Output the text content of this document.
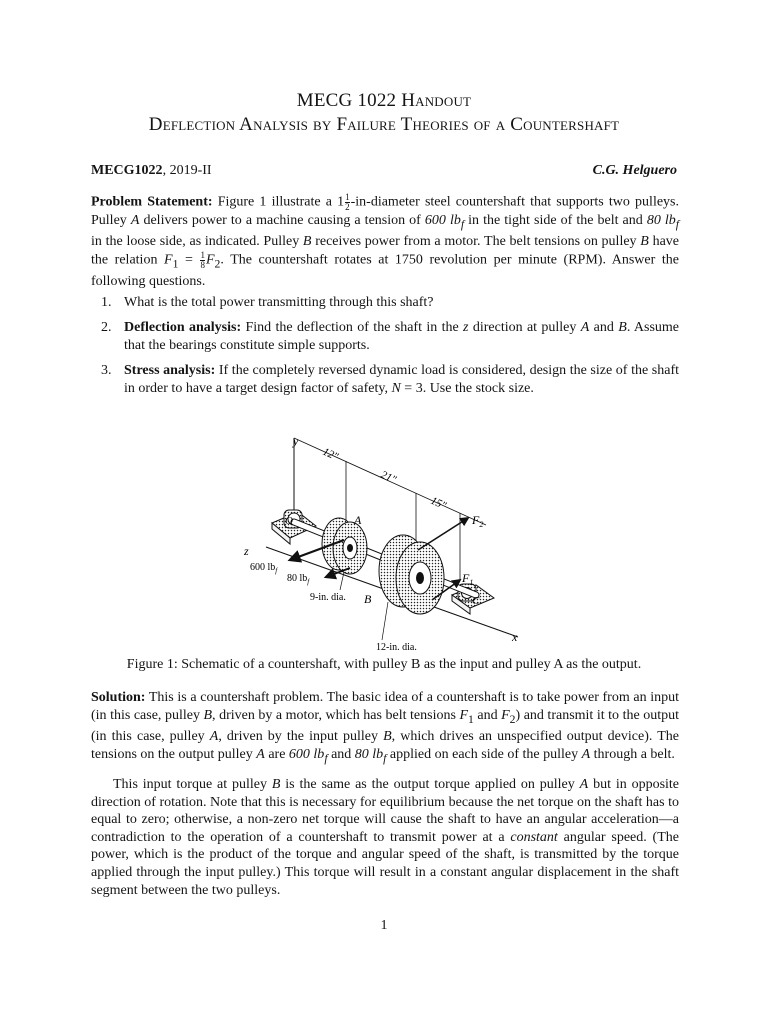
MECG 1022 Handout
Deflection Analysis by Failure Theories of a Countershaft
MECG1022, 2019-II	C.G. Helguero

Problem Statement: Figure 1 illustrate a $1 \frac{1}{2}$ -in-diameter steel countershaft that supports two pulleys. Pulley A delivers power to a machine causing a tension of 600 $lb_f$ in the tight side of the belt and 80 $lb_f$ in the loose side, as indicated. Pulley B receives power from a motor. The belt tensions on pulley B have the relation $F_1 = \frac{1}{8} F_2$. The countershaft rotates at 1750 revolution per minute (RPM). Answer the following questions.

1. What is the total power transmitting through this shaft?

2. Deflection analysis: Find the deflection of the shaft in the z direction at pulley A and B. Assume that the bearings constitute simple supports.

3. Stress analysis: If the completely reversed dynamic load is considered, design the size of the shaft in order to have a target design factor of safety, N = 3. Use the stock size.

y
12"
21"
15"
O	A
B	C
z
x
$F_2$
$F_1$
600 $lb_f$
80 $lb_f$
9-in. dia.
12-in. dia.
Figure 1: Schematic of a countershaft, with pulley B as the input and pulley A as the output.

Solution: This is a countershaft problem. The basic idea of a countershaft is to take power from an input (in this case, pulley B, driven by a motor, which has belt tensions $F_1$ and $F_2$) and transmit it to the output (in this case, pulley A, driven by the input pulley B, which drives an unspecified output device). The tensions on the output pulley A are 600 $lb_f$ and 80 $lb_f$ applied on each side of the pulley A through a belt.

This input torque at pulley B is the same as the output torque applied on pulley A but in opposite direction of rotation. Note that this is necessary for equilibrium because the net torque on the shaft has to equal to zero; otherwise, a non-zero net torque will cause the shaft to have an angular acceleration—a contradiction to the operation of a countershaft to transmit power at a constant angular speed. (The power, which is the product of the torque and angular speed of the shaft, is transmitted by the torque applied through the input pulley.) This torque will result in a constant angular displacement in the shaft segment between the two pulleys.

1
